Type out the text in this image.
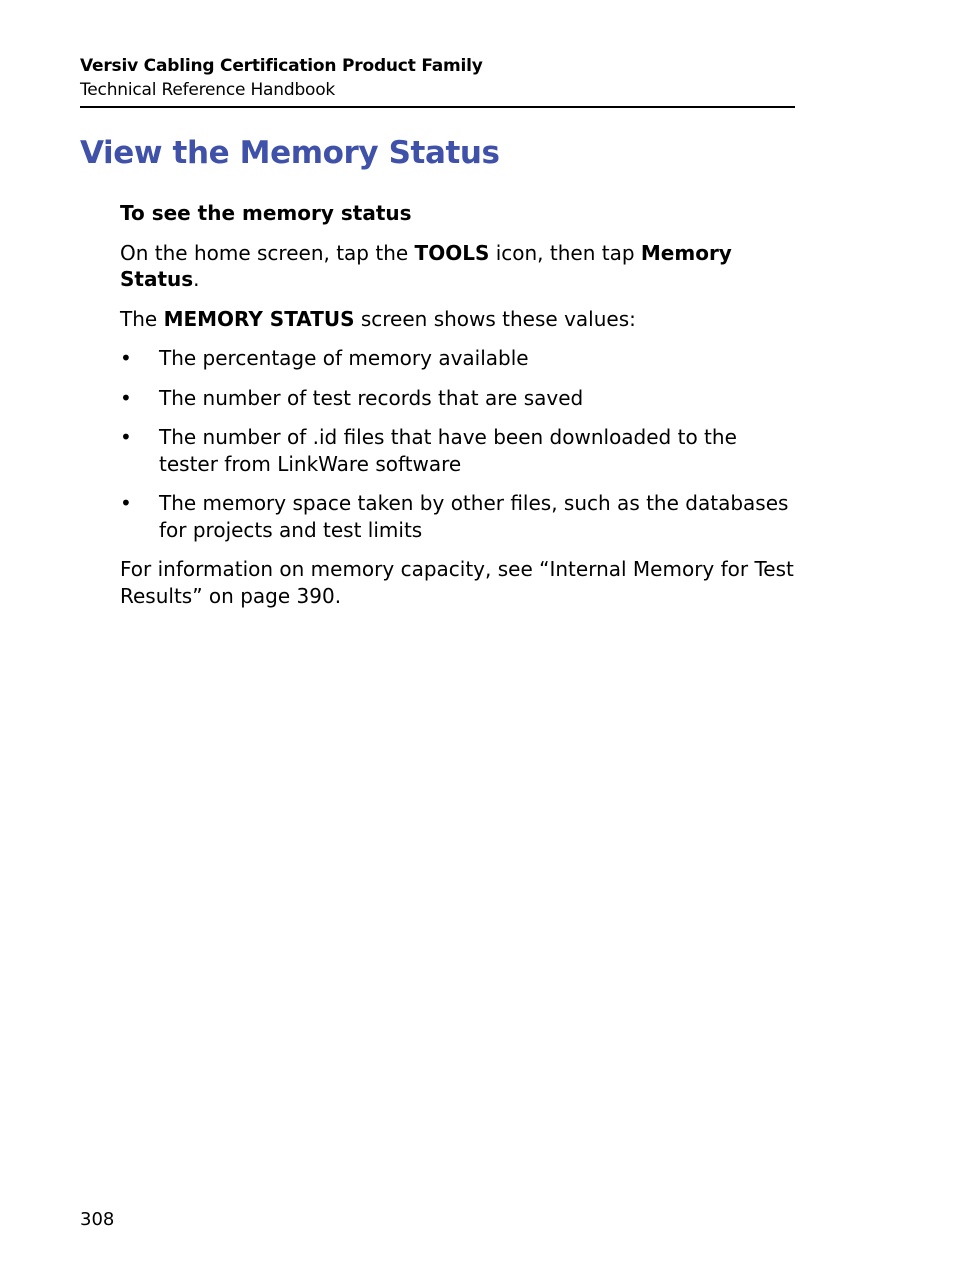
Versiv Cabling Certification Product Family
Technical Reference Handbook
View the Memory Status
To see the memory status
On the home screen, tap the TOOLS icon, then tap Memory Status.
The MEMORY STATUS screen shows these values:
• The percentage of memory available
• The number of test records that are saved
• The number of .id files that have been downloaded to the tester from LinkWare software
• The memory space taken by other files, such as the databases for projects and test limits
For information on memory capacity, see “Internal Memory for Test Results” on page 390.
308
